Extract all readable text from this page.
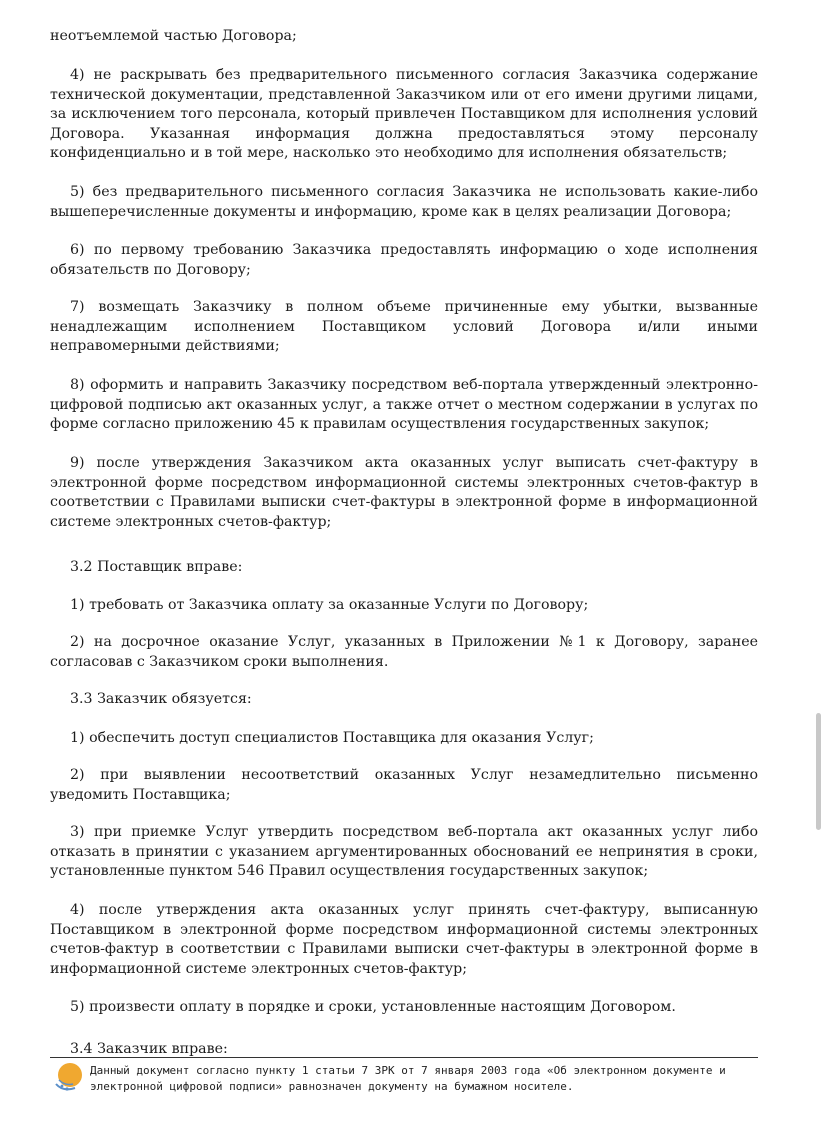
неотъемлемой частью Договора;

4) не раскрывать без предварительного письменного согласия Заказчика содержание технической документации, представленной Заказчиком или от его имени другими лицами, за исключением того персонала, который привлечен Поставщиком для исполнения условий Договора. Указанная информация должна предоставляться этому персоналу конфиденциально и в той мере, насколько это необходимо для исполнения обязательств;

5) без предварительного письменного согласия Заказчика не использовать какие-либо вышеперечисленные документы и информацию, кроме как в целях реализации Договора;

6) по первому требованию Заказчика предоставлять информацию о ходе исполнения обязательств по Договору;

7) возмещать Заказчику в полном объеме причиненные ему убытки, вызванные ненадлежащим исполнением Поставщиком условий Договора и/или иными неправомерными действиями;

8) оформить и направить Заказчику посредством веб-портала утвержденный электронно-цифровой подписью акт оказанных услуг, а также отчет о местном содержании в услугах по форме согласно приложению 45 к правилам осуществления государственных закупок;

9) после утверждения Заказчиком акта оказанных услуг выписать счет-фактуру в электронной форме посредством информационной системы электронных счетов-фактур в соответствии с Правилами выписки счет-фактуры в электронной форме в информационной системе электронных счетов-фактур;

3.2 Поставщик вправе:

1) требовать от Заказчика оплату за оказанные Услуги по Договору;

2) на досрочное оказание Услуг, указанных в Приложении №1 к Договору, заранее согласовав с Заказчиком сроки выполнения.

3.3 Заказчик обязуется:

1) обеспечить доступ специалистов Поставщика для оказания Услуг;

2) при выявлении несоответствий оказанных Услуг незамедлительно письменно уведомить Поставщика;

3) при приемке Услуг утвердить посредством веб-портала акт оказанных услуг либо отказать в принятии с указанием аргументированных обоснований ее непринятия в сроки, установленные пунктом 546 Правил осуществления государственных закупок;

4) после утверждения акта оказанных услуг принять счет-фактуру, выписанную Поставщиком в электронной форме посредством информационной системы электронных счетов-фактур в соответствии с Правилами выписки счет-фактуры в электронной форме в информационной системе электронных счетов-фактур;

5) произвести оплату в порядке и сроки, установленные настоящим Договором.

3.4 Заказчик вправе:

Данный документ согласно пункту 1 статьи 7 ЗРК от 7 января 2003 года «Об электронном документе и электронной цифровой подписи» равнозначен документу на бумажном носителе.
